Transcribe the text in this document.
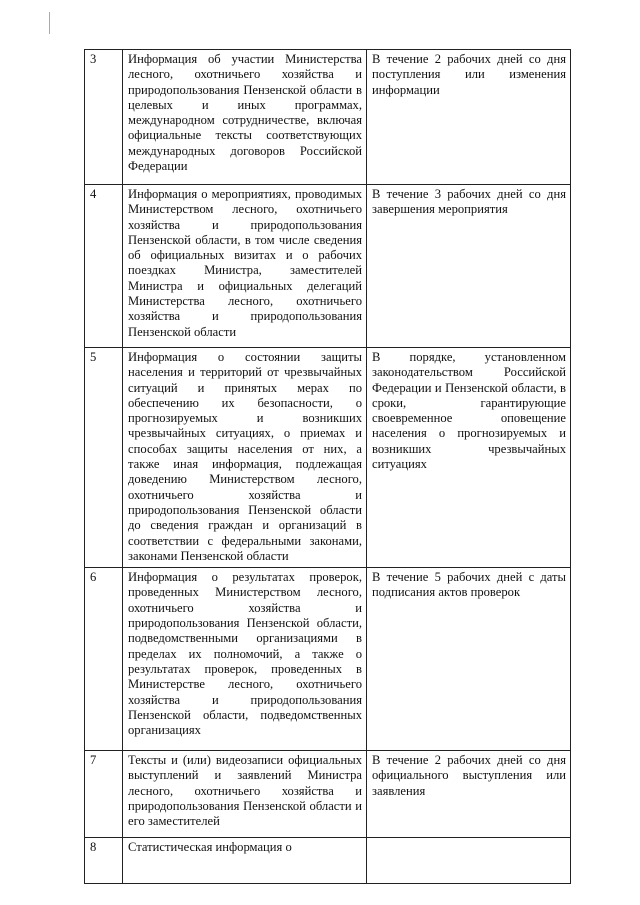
3	Информация об участии Министерства лесного, охотничьего хозяйства и природопользования Пензенской области в целевых и иных программах, международном сотрудничестве, включая официальные тексты соответствующих международных договоров Российской Федерации	В течение 2 рабочих дней со дня поступления или изменения информации
4	Информация о мероприятиях, проводимых Министерством лесного, охотничьего хозяйства и природопользования Пензенской области, в том числе сведения об официальных визитах и о рабочих поездках Министра, заместителей Министра и официальных делегаций Министерства лесного, охотничьего хозяйства и природопользования Пензенской области	В течение 3 рабочих дней со дня завершения мероприятия
5	Информация о состоянии защиты населения и территорий от чрезвычайных ситуаций и принятых мерах по обеспечению их безопасности, о прогнозируемых и возникших чрезвычайных ситуациях, о приемах и способах защиты населения от них, а также иная информация, подлежащая доведению Министерством лесного, охотничьего хозяйства и природопользования Пензенской области до сведения граждан и организаций в соответствии с федеральными законами, законами Пензенской области	В порядке, установленном законодательством Российской Федерации и Пензенской области, в сроки, гарантирующие своевременное оповещение населения о прогнозируемых и возникших чрезвычайных ситуациях
6	Информация о результатах проверок, проведенных Министерством лесного, охотничьего хозяйства и природопользования Пензенской области, подведомственными организациями в пределах их полномочий, а также о результатах проверок, проведенных в Министерстве лесного, охотничьего хозяйства и природопользования Пензенской области, подведомственных организациях	В течение 5 рабочих дней с даты подписания актов проверок
7	Тексты и (или) видеозаписи официальных выступлений и заявлений Министра лесного, охотничьего хозяйства и природопользования Пензенской области и его заместителей	В течение 2 рабочих дней со дня официального выступления или заявления
8	Статистическая информация о	
